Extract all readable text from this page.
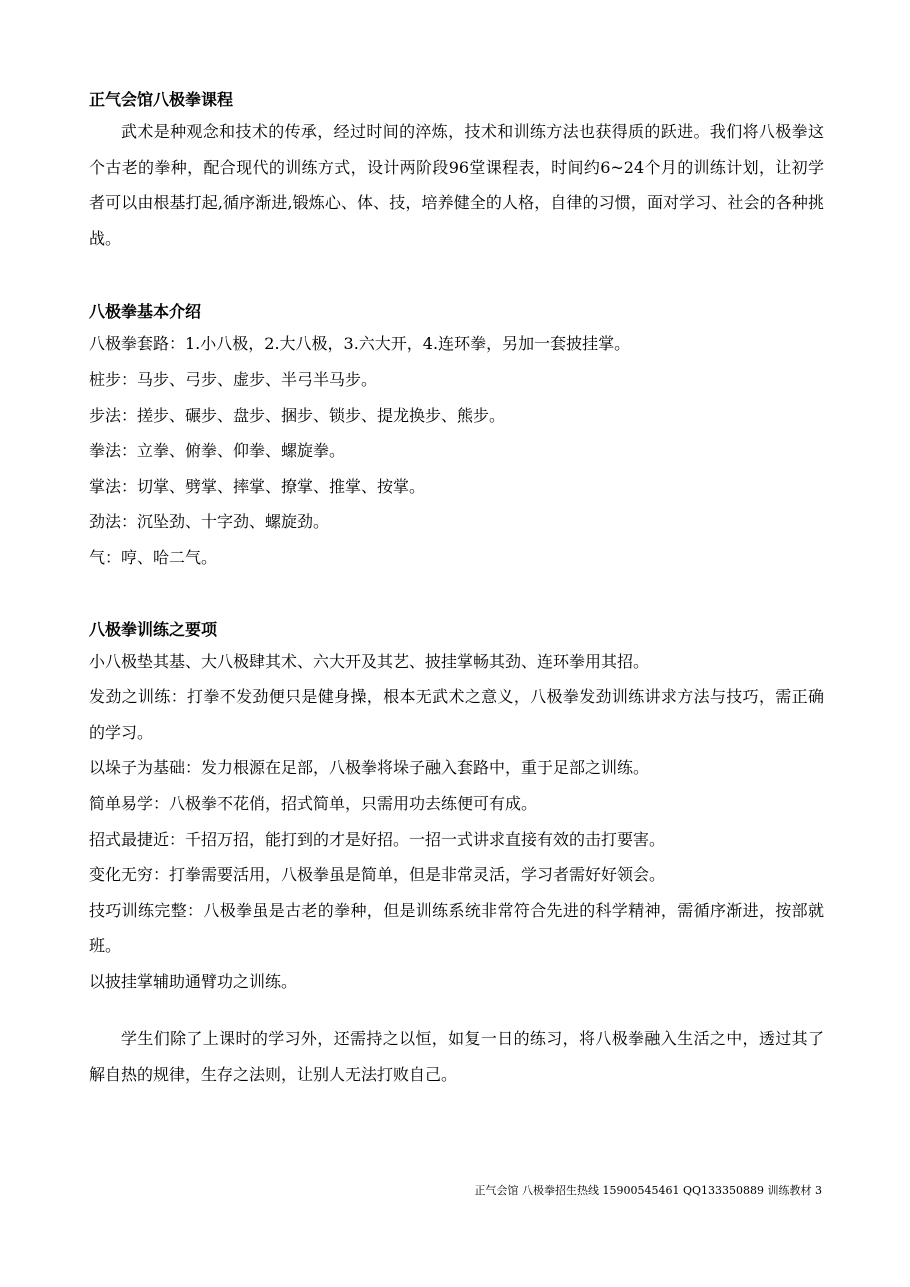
正气会馆八极拳课程

武术是种观念和技术的传承，经过时间的淬炼，技术和训练方法也获得质的跃进。我们将八极拳这个古老的拳种，配合现代的训练方式，设计两阶段96堂课程表，时间约6~24个月的训练计划，让初学者可以由根基打起,循序渐进,锻炼心、体、技，培养健全的人格，自律的习惯，面对学习、社会的各种挑战。

八极拳基本介绍

八极拳套路：1.小八极，2.大八极，3.六大开，4.连环拳，另加一套披挂掌。

桩步：马步、弓步、虚步、半弓半马步。

步法：搓步、碾步、盘步、捆步、锁步、提龙换步、熊步。

拳法：立拳、俯拳、仰拳、螺旋拳。

掌法：切掌、劈掌、摔掌、撩掌、推掌、按掌。

劲法：沉坠劲、十字劲、螺旋劲。

气：哼、哈二气。

八极拳训练之要项

小八极垫其基、大八极肆其术、六大开及其艺、披挂掌畅其劲、连环拳用其招。

发劲之训练：打拳不发劲便只是健身操，根本无武术之意义，八极拳发劲训练讲求方法与技巧，需正确的学习。

以垛子为基础：发力根源在足部，八极拳将垛子融入套路中，重于足部之训练。

简单易学：八极拳不花俏，招式简单，只需用功去练便可有成。

招式最捷近：千招万招，能打到的才是好招。一招一式讲求直接有效的击打要害。

变化无穷：打拳需要活用，八极拳虽是简单，但是非常灵活，学习者需好好领会。

技巧训练完整：八极拳虽是古老的拳种，但是训练系统非常符合先进的科学精神，需循序渐进，按部就班。

以披挂掌辅助通臂功之训练。

学生们除了上课时的学习外，还需持之以恒，如复一日的练习，将八极拳融入生活之中，透过其了解自热的规律，生存之法则，让别人无法打败自己。

正气会馆 八极拳招生热线 15900545461 QQ133350889 训练教材 3
